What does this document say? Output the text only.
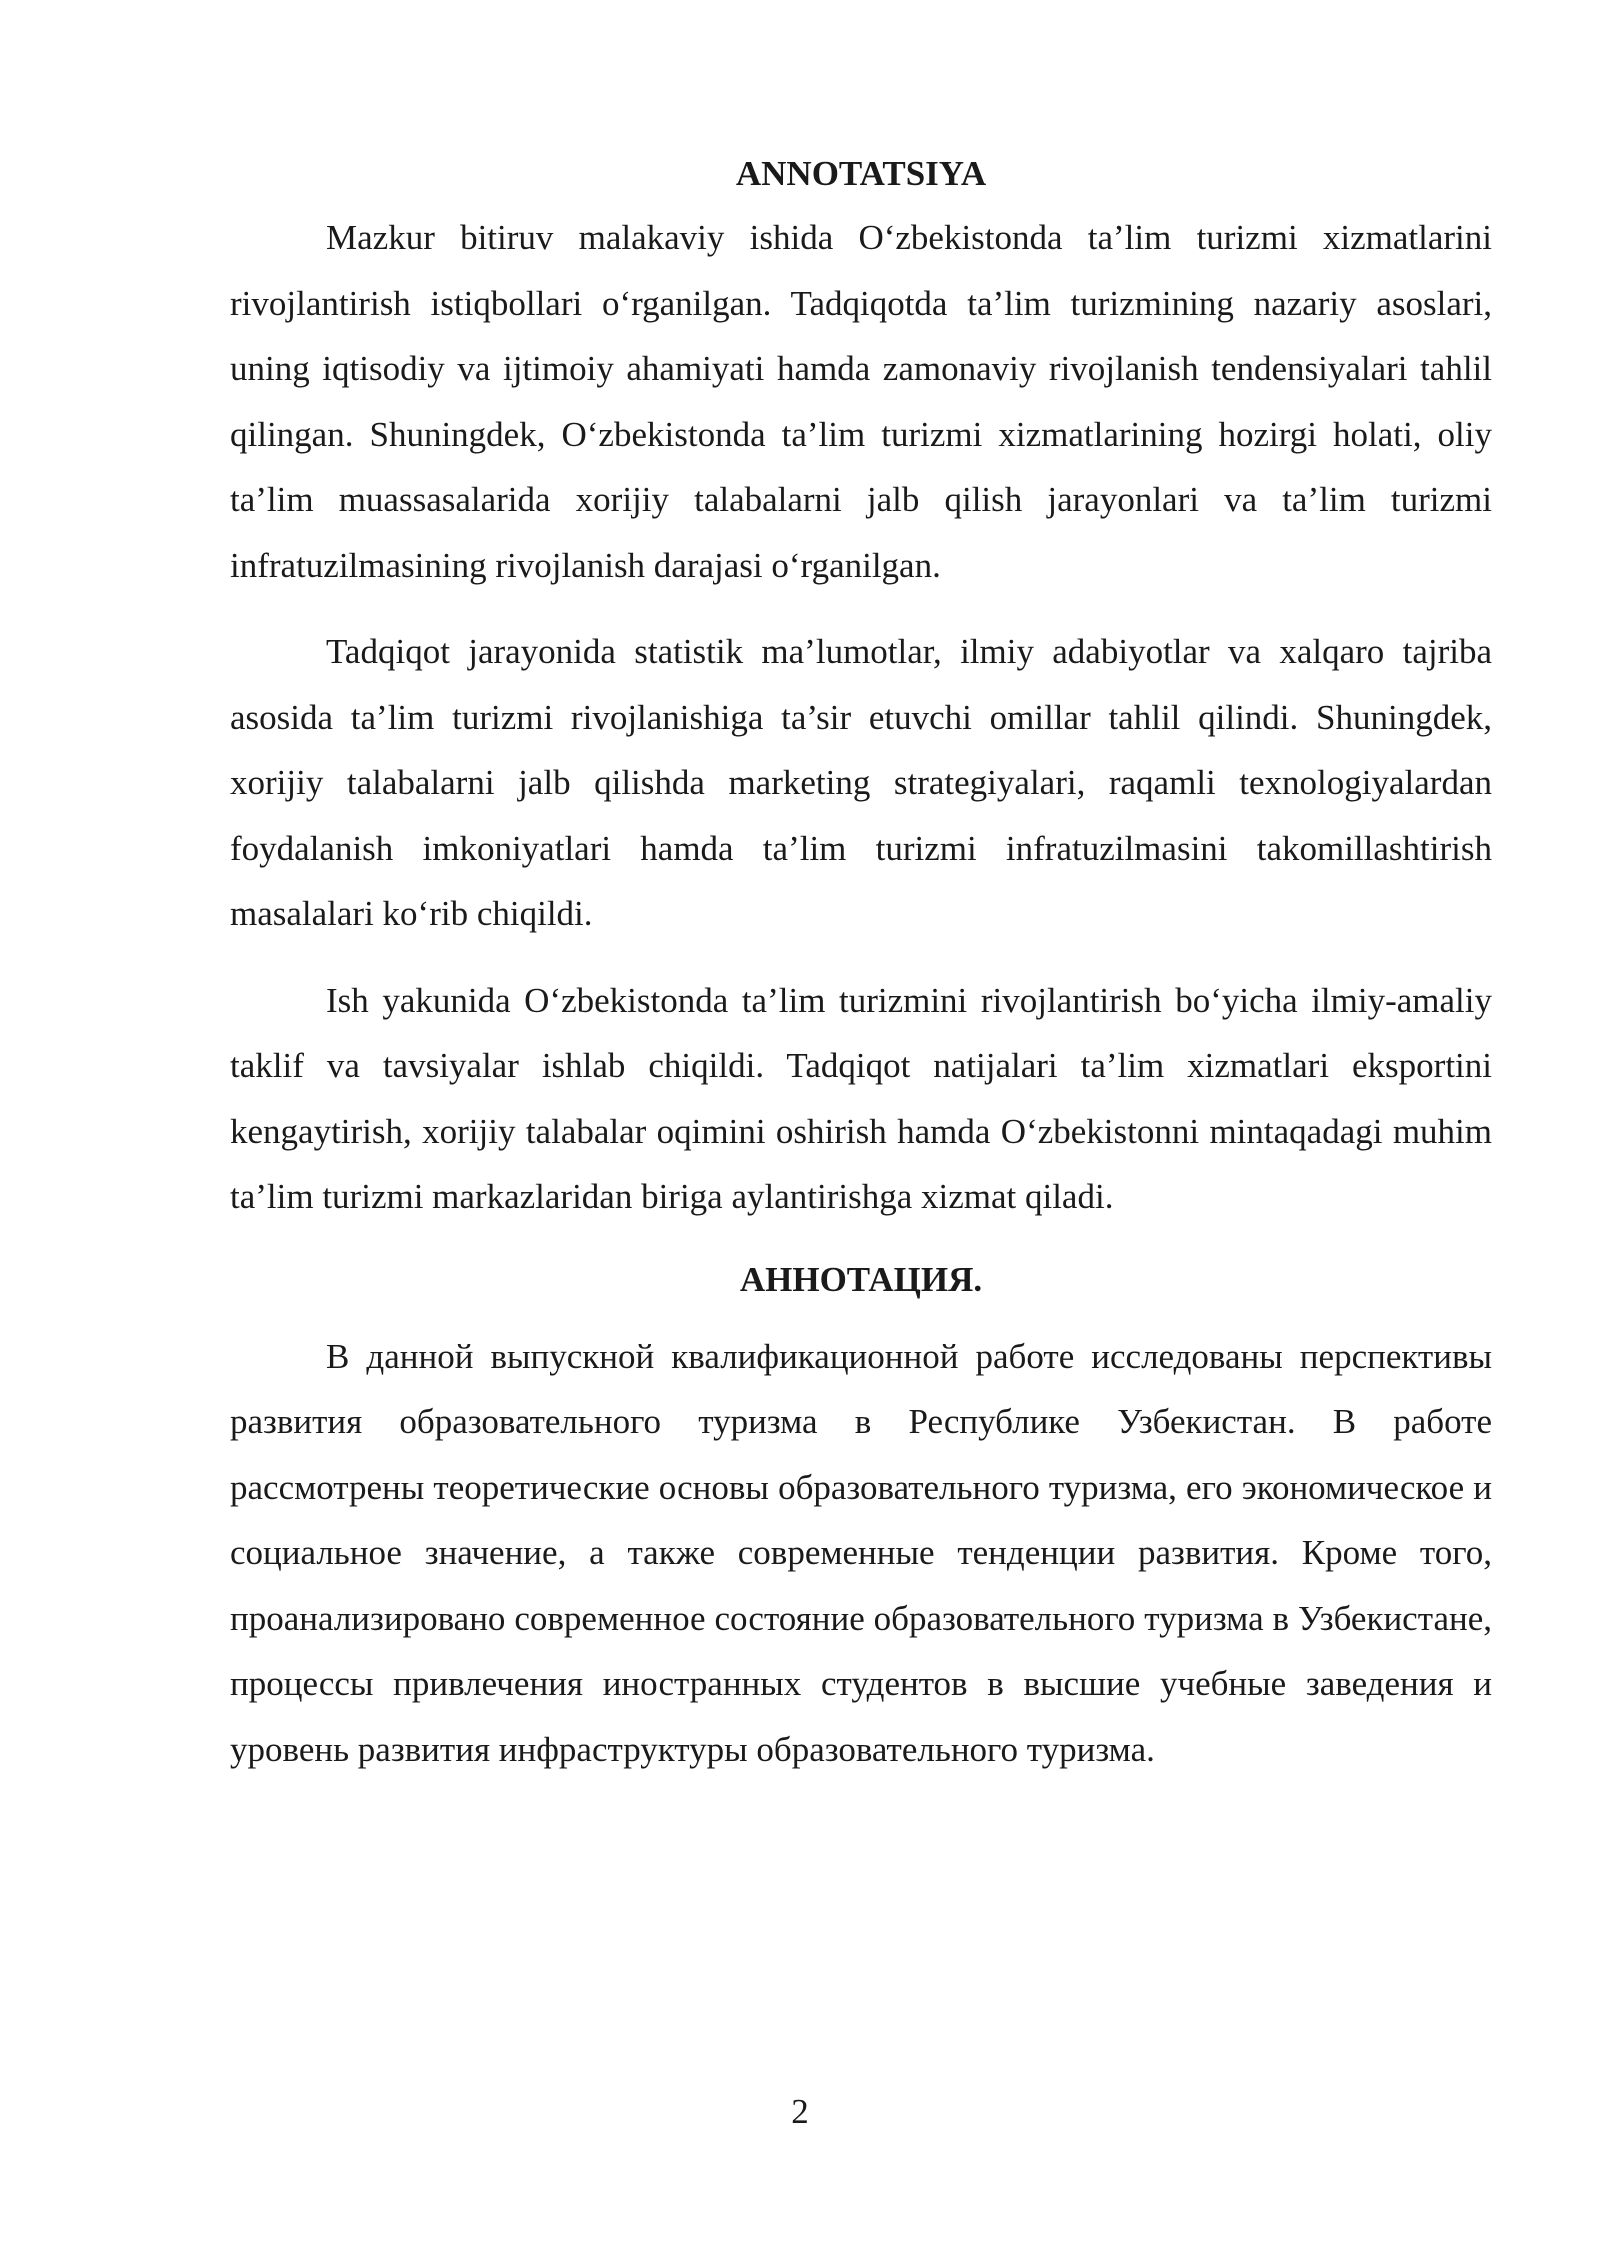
ANNOTATSIYA

Mazkur bitiruv malakaviy ishida O‘zbekistonda ta’lim turizmi xizmatlarini rivojlantirish istiqbollari o‘rganilgan. Tadqiqotda ta’lim turizmining nazariy asoslari, uning iqtisodiy va ijtimoiy ahamiyati hamda zamonaviy rivojlanish tendensiyalari tahlil qilingan. Shuningdek, O‘zbekistonda ta’lim turizmi xizmatlarining hozirgi holati, oliy ta’lim muassasalarida xorijiy talabalarni jalb qilish jarayonlari va ta’lim turizmi infratuzilmasining rivojlanish darajasi o‘rganilgan.

Tadqiqot jarayonida statistik ma’lumotlar, ilmiy adabiyotlar va xalqaro tajriba asosida ta’lim turizmi rivojlanishiga ta’sir etuvchi omillar tahlil qilindi. Shuningdek, xorijiy talabalarni jalb qilishda marketing strategiyalari, raqamli texnologiyalardan foydalanish imkoniyatlari hamda ta’lim turizmi infratuzilmasini takomillashtirish masalalari ko‘rib chiqildi.

Ish yakunida O‘zbekistonda ta’lim turizmini rivojlantirish bo‘yicha ilmiy-amaliy taklif va tavsiyalar ishlab chiqildi. Tadqiqot natijalari ta’lim xizmatlari eksportini kengaytirish, xorijiy talabalar oqimini oshirish hamda O‘zbekistonni mintaqadagi muhim ta’lim turizmi markazlaridan biriga aylantirishga xizmat qiladi.

АННОТАЦИЯ.

В данной выпускной квалификационной работе исследованы перспективы развития образовательного туризма в Республике Узбекистан. В работе рассмотрены теоретические основы образовательного туризма, его экономическое и социальное значение, а также современные тенденции развития. Кроме того, проанализировано современное состояние образовательного туризма в Узбекистане, процессы привлечения иностранных студентов в высшие учебные заведения и уровень развития инфраструктуры образовательного туризма.

2
